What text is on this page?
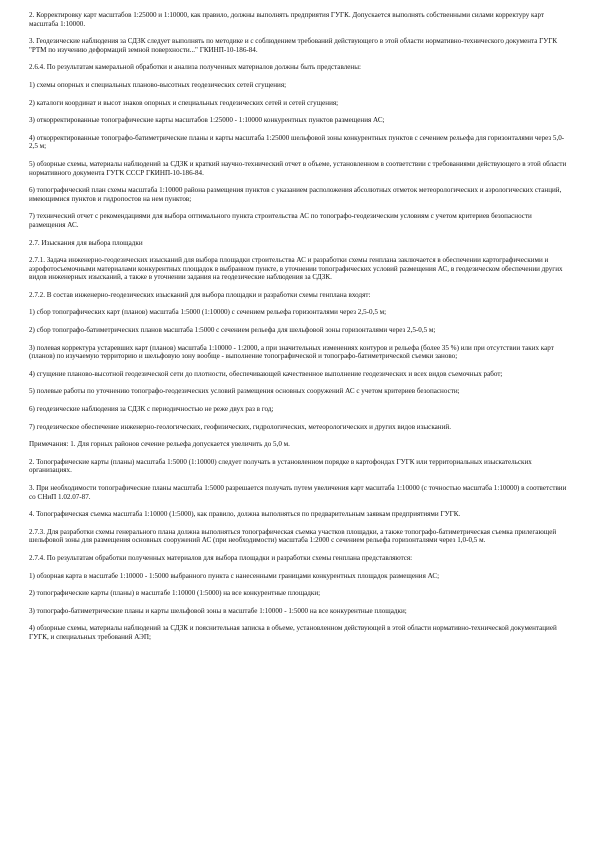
2. Корректировку карт масштабов 1:25000 и 1:10000, как правило, должны выполнять предприятия ГУГК. Допускается выполнять собственными силами корректуру карт масштаба 1:10000.

3. Геодезические наблюдения за СДЗК следует выполнять по методике и с соблюдением требований действующего в этой области нормативно-технического документа ГУГК "РТМ по изучению деформаций земной поверхности..." ГКИНП-10-186-84.

2.6.4. По результатам камеральной обработки и анализа полученных материалов должны быть представлены:

1) схемы опорных и специальных планово-высотных геодезических сетей сгущения;

2) каталоги координат и высот знаков опорных и специальных геодезических сетей и сетей сгущения;

3) откорректированные топографические карты масштабов 1:25000 - 1:10000 конкурентных пунктов размещения АС;

4) откорректированные топографо-батиметрические планы и карты масштаба 1:25000 шельфовой зоны конкурентных пунктов с сечением рельефа для горизонталями через 5,0-2,5 м;

5) обзорные схемы, материалы наблюдений за СДЗК и краткий научно-технический отчет в объеме, установленном в соответствии с требованиями действующего в этой области нормативного документа ГУГК СССР ГКИНП-10-186-84.

6) топографический план схемы масштаба 1:10000 района размещения пунктов с указанием расположения абсолютных отметок метеорологических и аэрологических станций, имеющимися пунктов и гидропостов на нем пунктов;

7) технический отчет с рекомендациями для выбора оптимального пункта строительства АС по топографо-геодезическим условиям с учетом критериев безопасности размещения АС.

2.7. Изыскания для выбора площадки

2.7.1. Задача инженерно-геодезических изысканий для выбора площадки строительства АС и разработки схемы генплана заключается в обеспечении картографическими и аэрофотосъемочными материалами конкурентных площадок в выбранном пункте, в уточнении топографических условий размещения АС, в геодезическом обеспечении других видов инженерных изысканий, а также в уточнении задания на геодезические наблюдения за СДЗК.

2.7.2. В состав инженерно-геодезических изысканий для выбора площадки и разработки схемы генплана входят:

1) сбор топографических карт (планов) масштаба 1:5000 (1:10000) с сечением рельефа горизонталями через 2,5-0,5 м;

2) сбор топографо-батиметрических планов масштаба 1:5000 с сечением рельефа для шельфовой зоны горизонталями через 2,5-0,5 м;

3) полевая корректура устаревших карт (планов) масштаба 1:10000 - 1:2000, а при значительных изменениях контуров и рельефа (более 35 %) или при отсутствии таких карт (планов) по изучаемую территорию и шельфовую зону вообще - выполнение топографической и топографо-батиметрической съемки заново;

4) сгущение планово-высотной геодезической сети до плотности, обеспечивающей качественное выполнение геодезических и всех видов съемочных работ;

5) полевые работы по уточнению топографо-геодезических условий размещения основных сооружений АС с учетом критериев безопасности;

6) геодезические наблюдения за СДЗК с периодичностью не реже двух раз в год;

7) геодезическое обеспечение инженерно-геологических, геофизических, гидрологических, метеорологических и других видов изысканий.

Примечания: 1. Для горных районов сечение рельефа допускается увеличить до 5,0 м.

2. Топографические карты (планы) масштаба 1:5000 (1:10000) следует получать в установленном порядке в картофондах ГУГК или территориальных изыскательских организациях.

3. При необходимости топографические планы масштаба 1:5000 разрешается получать путем увеличения карт масштаба 1:10000 (с точностью масштаба 1:10000) в соответствии со СНиП 1.02.07-87.

4. Топографическая съемка масштаба 1:10000 (1:5000), как правило, должна выполняться по предварительным заявкам предприятиями ГУГК.

2.7.3. Для разработки схемы генерального плана должна выполняться топографическая съемка участков площадки, а также топографо-батиметрическая съемка прилегающей шельфовой зоны для размещения основных сооружений АС (при необходимости) масштаба 1:2000 с сечением рельефа горизонталями через 1,0-0,5 м.

2.7.4. По результатам обработки полученных материалов для выбора площадки и разработки схемы генплана представляются:

1) обзорная карта в масштабе 1:10000 - 1:5000 выбранного пункта с нанесенными границами конкурентных площадок размещения АС;

2) топографические карты (планы) в масштабе 1:10000 (1:5000) на все конкурентные площадки;

3) топографо-батиметрические планы и карты шельфовой зоны в масштабе 1:10000 - 1:5000 на все конкурентные площадки;

4) обзорные схемы, материалы наблюдений за СДЗК и пояснительная записка в объеме, установленном действующей в этой области нормативно-технической документацией ГУГК, и специальных требований АЭП;
